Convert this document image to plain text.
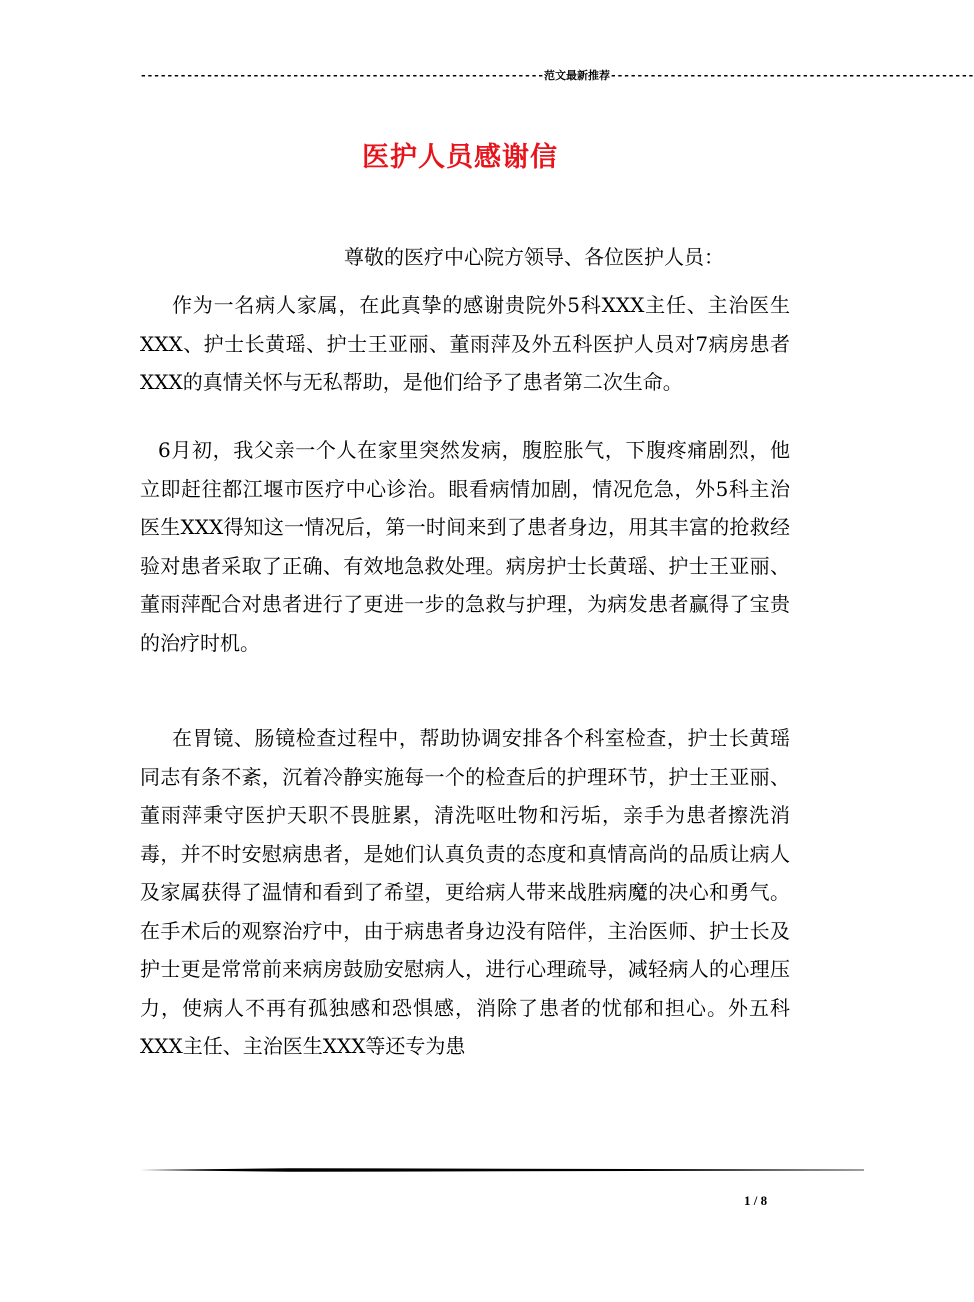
-------------------------------------------------------------范文最新推荐-------------------------------------------------------
医护人员感谢信
尊敬的医疗中心院方领导、各位医护人员：

作为一名病人家属，在此真挚的感谢贵院外5科XXX主任、主治医生XXX、护士长黄瑶、护士王亚丽、董雨萍及外五科医护人员对7病房患者XXX的真情关怀与无私帮助，是他们给予了患者第二次生命。

6月初，我父亲一个人在家里突然发病，腹腔胀气，下腹疼痛剧烈，他立即赶往都江堰市医疗中心诊治。眼看病情加剧，情况危急，外5科主治医生XXX得知这一情况后，第一时间来到了患者身边，用其丰富的抢救经验对患者采取了正确、有效地急救处理。病房护士长黄瑶、护士王亚丽、董雨萍配合对患者进行了更进一步的急救与护理，为病发患者赢得了宝贵的治疗时机。

在胃镜、肠镜检查过程中，帮助协调安排各个科室检查，护士长黄瑶同志有条不紊，沉着冷静实施每一个的检查后的护理环节，护士王亚丽、董雨萍秉守医护天职不畏脏累，清洗呕吐物和污垢，亲手为患者擦洗消毒，并不时安慰病患者，是她们认真负责的态度和真情高尚的品质让病人及家属获得了温情和看到了希望，更给病人带来战胜病魔的决心和勇气。在手术后的观察治疗中，由于病患者身边没有陪伴，主治医师、护士长及护士更是常常前来病房鼓励安慰病人，进行心理疏导，减轻病人的心理压力，使病人不再有孤独感和恐惧感，消除了患者的忧郁和担心。外五科XXX主任、主治医生XXX等还专为患

1 / 8
